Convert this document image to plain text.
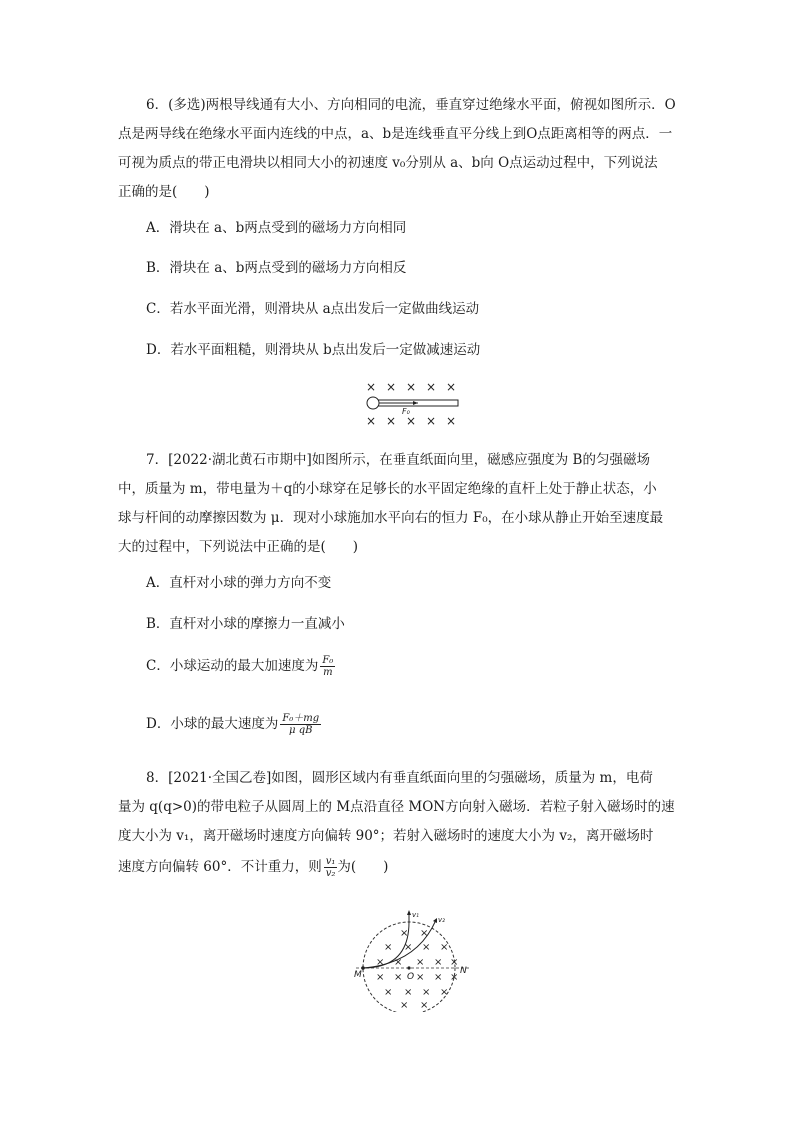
6．(多选)两根导线通有大小、方向相同的电流，垂直穿过绝缘水平面，俯视如图所示．O
点是两导线在绝缘水平面内连线的中点，a、b是连线垂直平分线上到O点距离相等的两点．一
可视为质点的带正电滑块以相同大小的初速度 v₀分别从 a、b向 O点运动过程中，下列说法
正确的是(　　)
A．滑块在 a、b两点受到的磁场力方向相同
B．滑块在 a、b两点受到的磁场力方向相反
C．若水平面光滑，则滑块从 a点出发后一定做曲线运动
D．若水平面粗糙，则滑块从 b点出发后一定做减速运动
× × × × ×
F₀
× × × × ×
7．[2022·湖北黄石市期中]如图所示，在垂直纸面向里，磁感应强度为 B的匀强磁场
中，质量为 m，带电量为＋q的小球穿在足够长的水平固定绝缘的直杆上处于静止状态，小
球与杆间的动摩擦因数为 μ．现对小球施加水平向右的恒力 F₀，在小球从静止开始至速度最
大的过程中，下列说法中正确的是(　　)
A．直杆对小球的弹力方向不变
B．直杆对小球的摩擦力一直减小
C．小球运动的最大加速度为 $\frac{\text{F₀}}{m}$
D．小球的最大速度为 $\frac{\text{F₀＋mg}}{\text{μ qB}}$
8．[2021·全国乙卷]如图，圆形区域内有垂直纸面向里的匀强磁场，质量为 m，电荷
量为 q(q>0)的带电粒子从圆周上的 M点沿直径 MON方向射入磁场．若粒子射入磁场时的速
度大小为 v₁，离开磁场时速度方向偏转 90°；若射入磁场时的速度大小为 v₂，离开磁场时
速度方向偏转 60°．不计重力，则 $\frac{\text{v₁}}{\text{v₂}}$ 为(　　)
× ×
× × × ×
× × × × ×
× × × × ×
× × × ×
× ×
M	O
N
v₁
v₂
